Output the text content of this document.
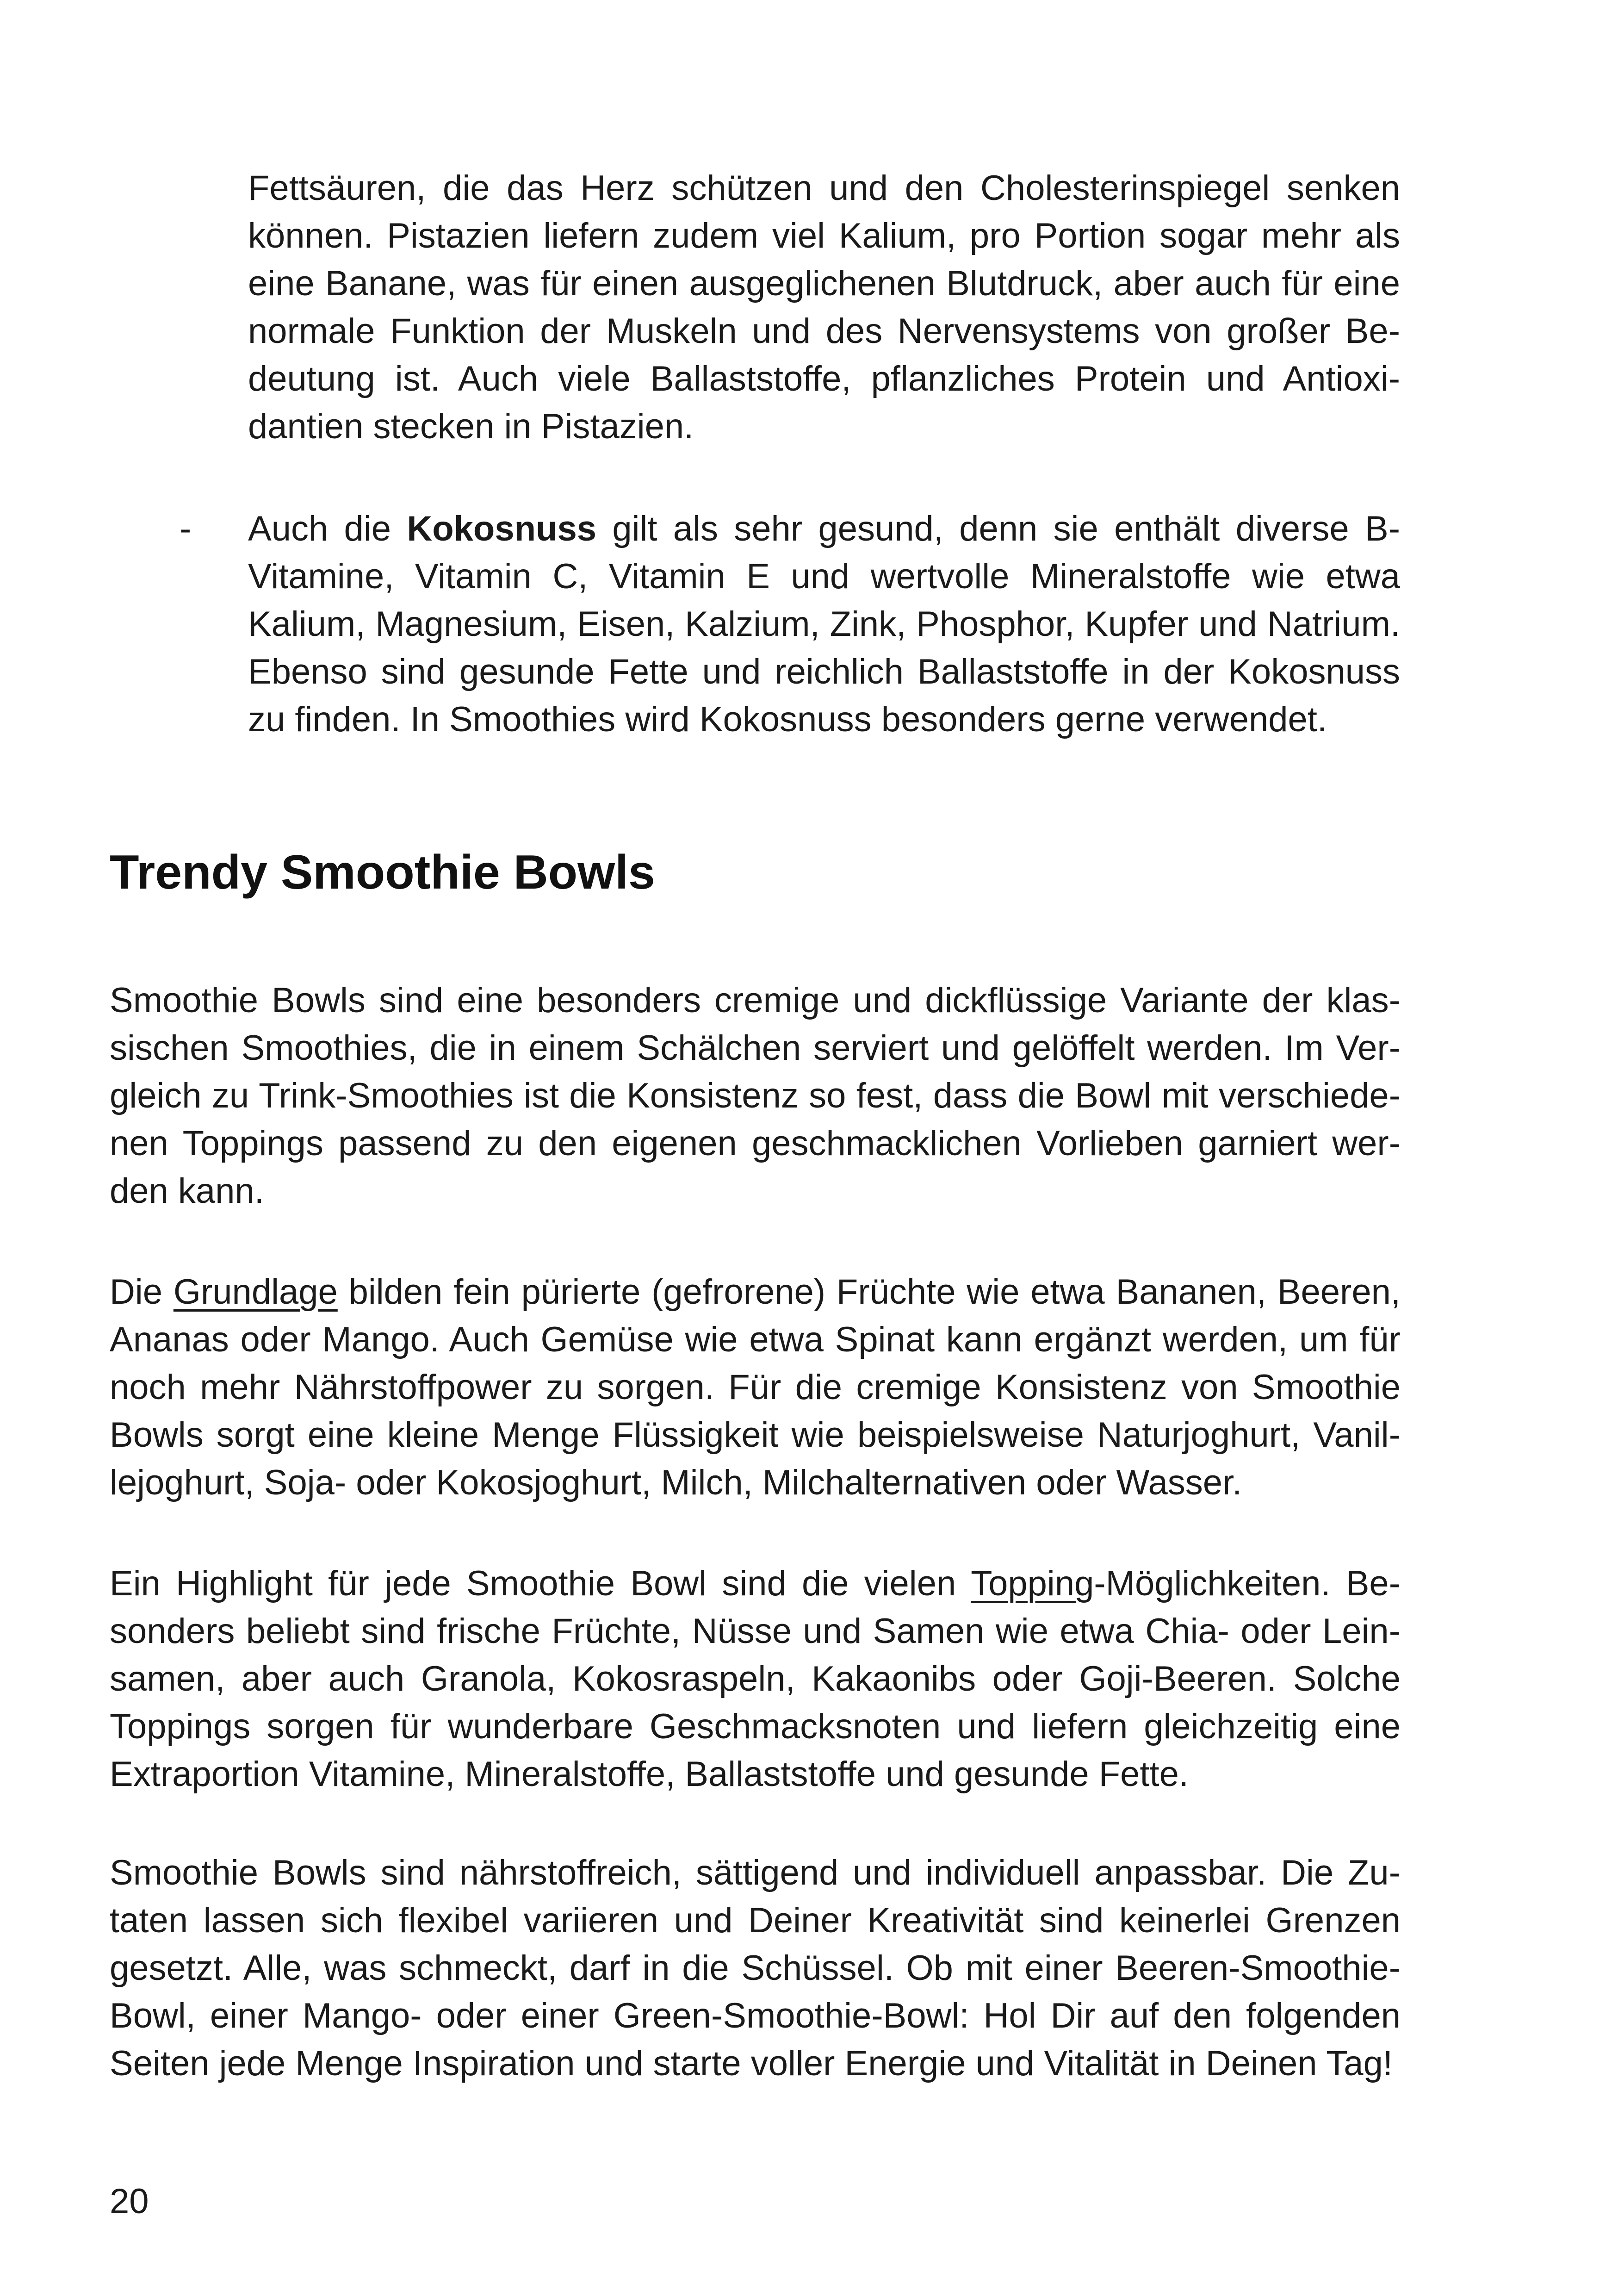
Fettsäuren, die das Herz schützen und den Cholesterinspiegel senken können. Pistazien liefern zudem viel Kalium, pro Portion sogar mehr als eine Banane, was für einen ausgeglichenen Blutdruck, aber auch für eine normale Funktion der Muskeln und des Nervensystems von großer Bedeutung ist. Auch viele Ballaststoffe, pflanzliches Protein und Antioxidantien stecken in Pistazien.

- Auch die Kokosnuss gilt als sehr gesund, denn sie enthält diverse B-Vitamine, Vitamin C, Vitamin E und wertvolle Mineralstoffe wie etwa Kalium, Magnesium, Eisen, Kalzium, Zink, Phosphor, Kupfer und Natrium. Ebenso sind gesunde Fette und reichlich Ballaststoffe in der Kokosnuss zu finden. In Smoothies wird Kokosnuss besonders gerne verwendet.

Trendy Smoothie Bowls

Smoothie Bowls sind eine besonders cremige und dickflüssige Variante der klassischen Smoothies, die in einem Schälchen serviert und gelöffelt werden. Im Vergleich zu Trink-Smoothies ist die Konsistenz so fest, dass die Bowl mit verschiedenen Toppings passend zu den eigenen geschmacklichen Vorlieben garniert werden kann.

Die Grundlage bilden fein pürierte (gefrorene) Früchte wie etwa Bananen, Beeren, Ananas oder Mango. Auch Gemüse wie etwa Spinat kann ergänzt werden, um für noch mehr Nährstoffpower zu sorgen. Für die cremige Konsistenz von Smoothie Bowls sorgt eine kleine Menge Flüssigkeit wie beispielsweise Naturjoghurt, Vanillejoghurt, Soja- oder Kokosjoghurt, Milch, Milchalternativen oder Wasser.

Ein Highlight für jede Smoothie Bowl sind die vielen Topping-Möglichkeiten. Besonders beliebt sind frische Früchte, Nüsse und Samen wie etwa Chia- oder Leinsamen, aber auch Granola, Kokosraspeln, Kakaonibs oder Goji-Beeren. Solche Toppings sorgen für wunderbare Geschmacksnoten und liefern gleichzeitig eine Extraportion Vitamine, Mineralstoffe, Ballaststoffe und gesunde Fette.

Smoothie Bowls sind nährstoffreich, sättigend und individuell anpassbar. Die Zutaten lassen sich flexibel variieren und Deiner Kreativität sind keinerlei Grenzen gesetzt. Alle, was schmeckt, darf in die Schüssel. Ob mit einer Beeren-Smoothie-Bowl, einer Mango- oder einer Green-Smoothie-Bowl: Hol Dir auf den folgenden Seiten jede Menge Inspiration und starte voller Energie und Vitalität in Deinen Tag!

20
